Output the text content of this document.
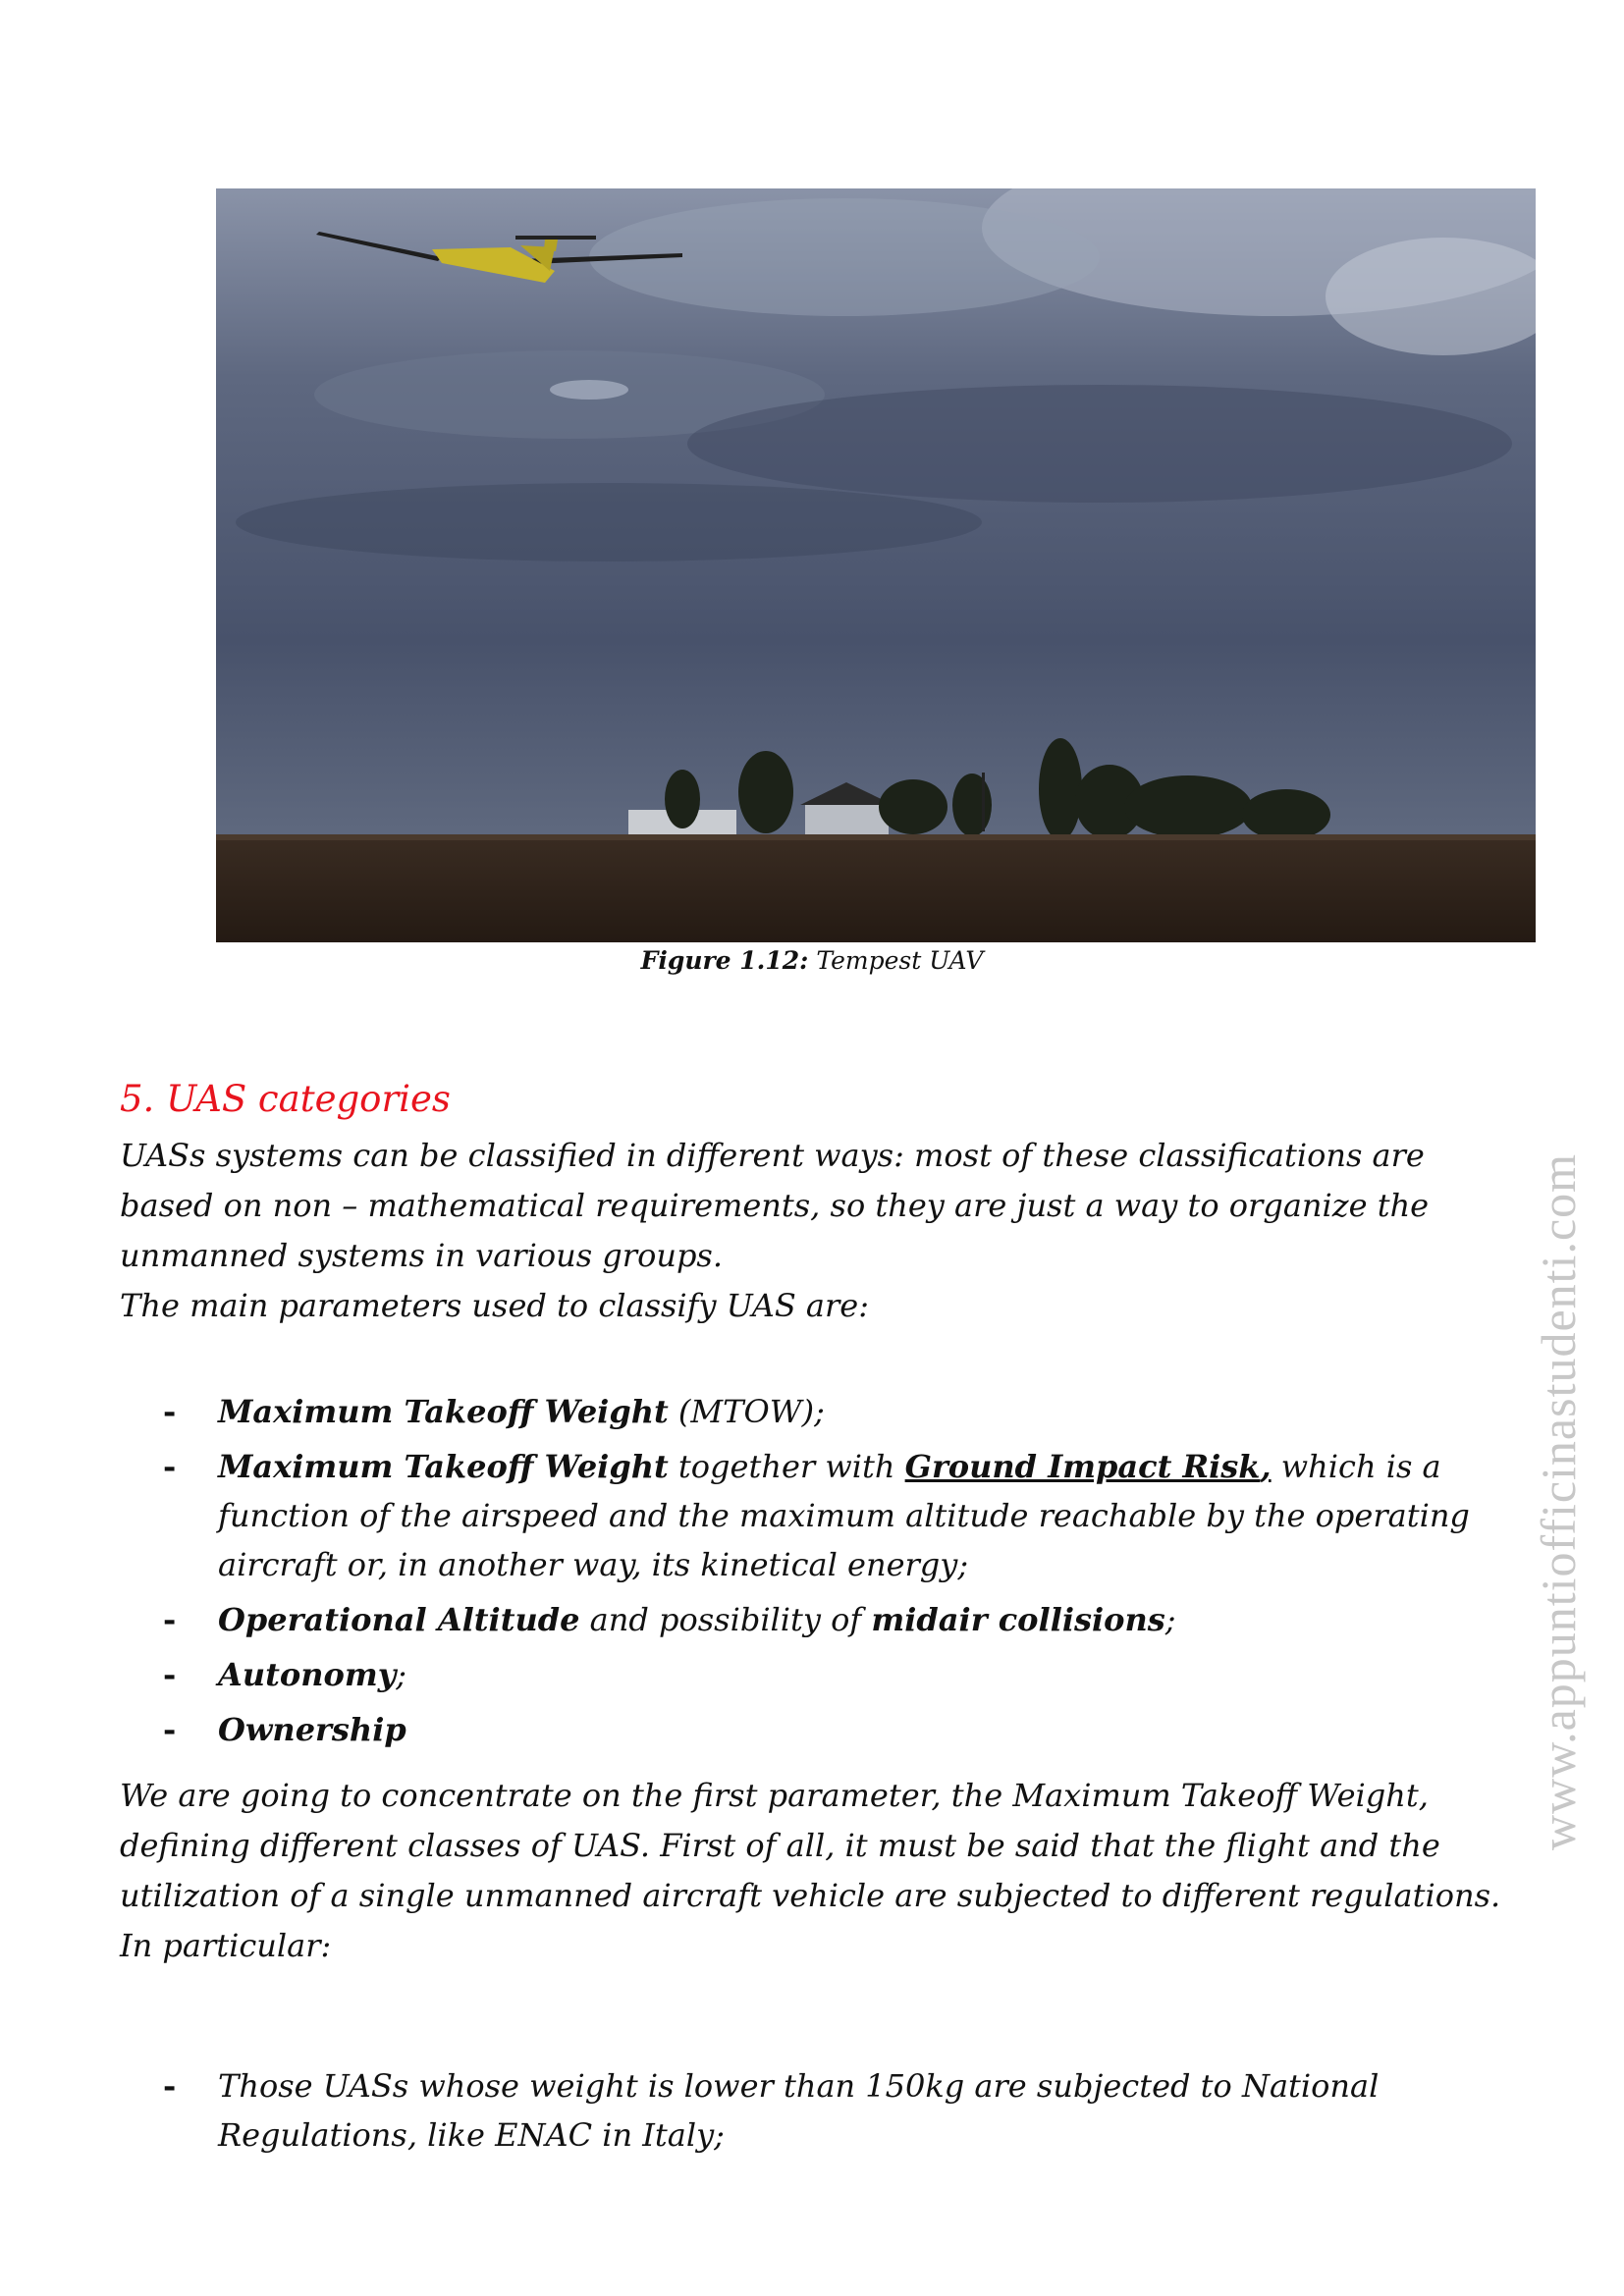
Figure 1.12: Tempest UAV
5. UAS categories
UASs systems can be classified in different ways: most of these classifications are based on non – mathematical requirements, so they are just a way to organize the unmanned systems in various groups.
The main parameters used to classify UAS are:
- Maximum Takeoff Weight (MTOW);
- Maximum Takeoff Weight together with Ground Impact Risk, which is a function of the airspeed and the maximum altitude reachable by the operating aircraft or, in another way, its kinetical energy;
- Operational Altitude and possibility of midair collisions;
- Autonomy;
- Ownership
We are going to concentrate on the first parameter, the Maximum Takeoff Weight, defining different classes of UAS. First of all, it must be said that the flight and the utilization of a single unmanned aircraft vehicle are subjected to different regulations. In particular:
- Those UASs whose weight is lower than 150kg are subjected to National Regulations, like ENAC in Italy;
www.appuntiofficinastudenti.com
